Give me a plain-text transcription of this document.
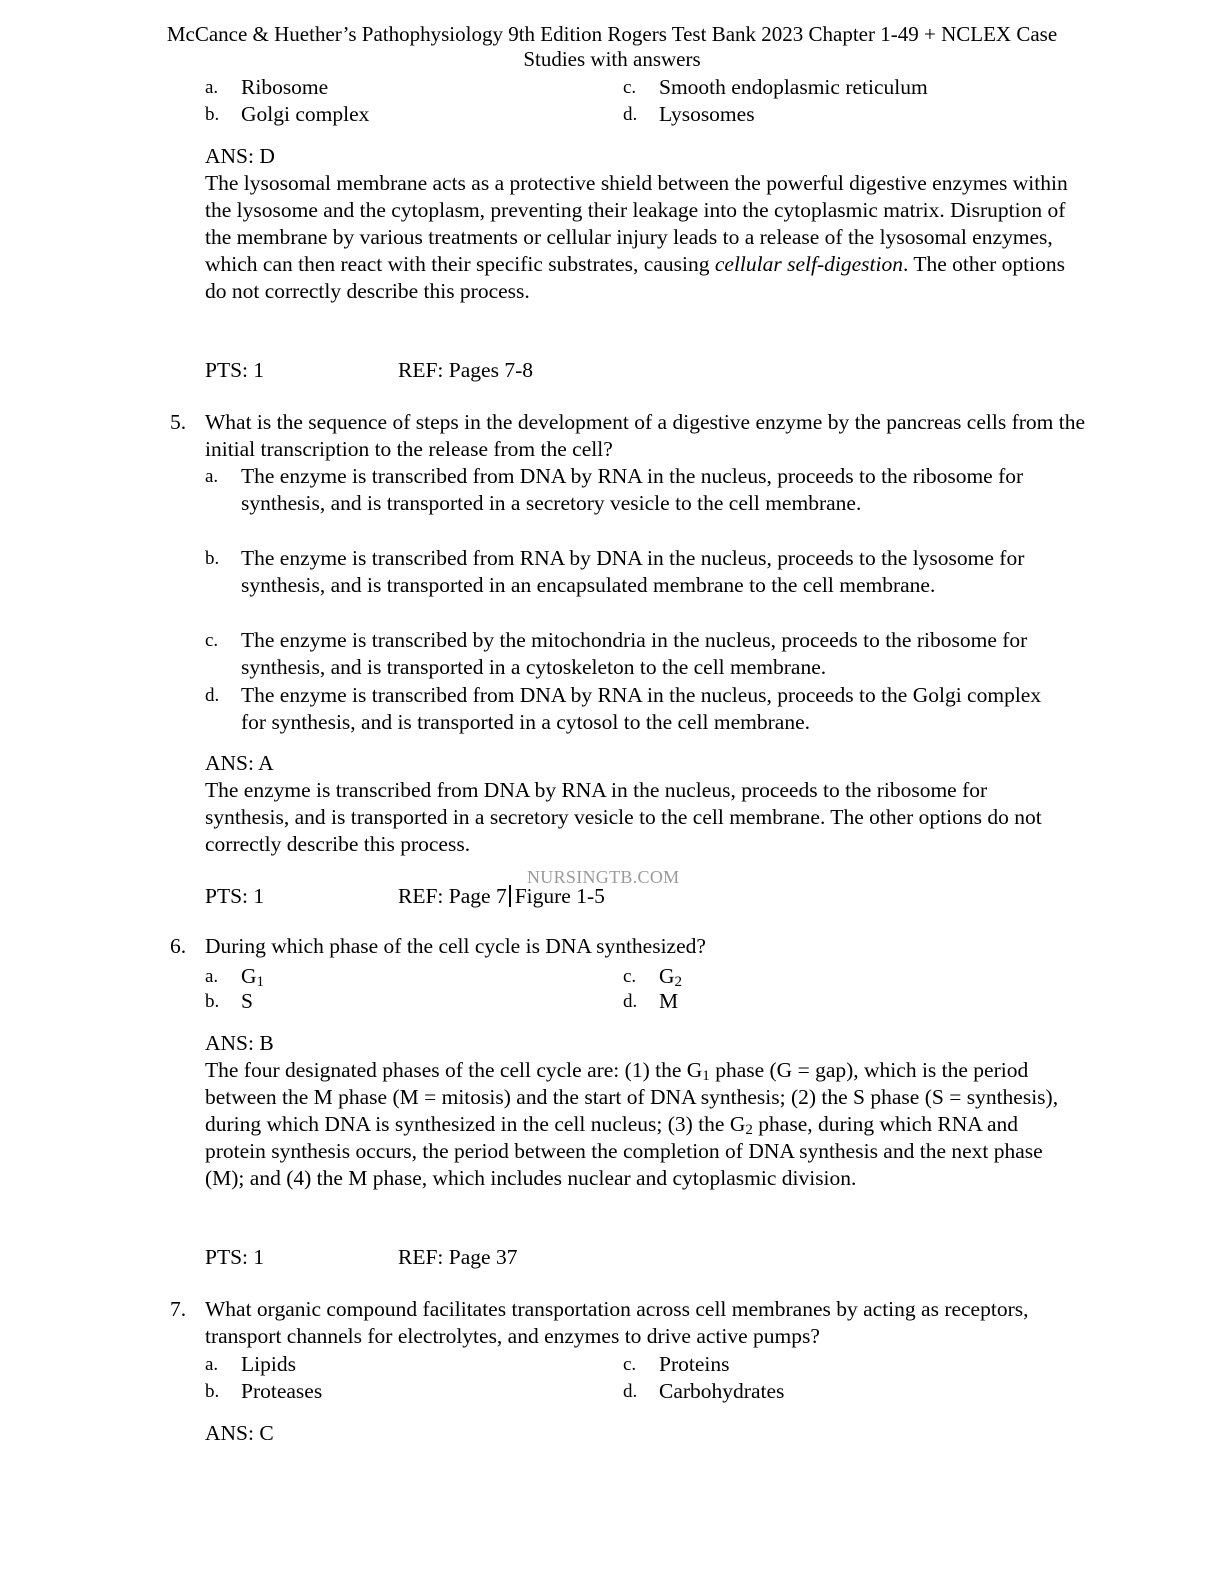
McCance & Huether’s Pathophysiology 9th Edition Rogers Test Bank 2023 Chapter 1-49 + NCLEX Case
Studies with answers
a.	Ribosome
b.	Golgi complex
c.	Smooth endoplasmic reticulum
d.	Lysosomes
ANS: D

The lysosomal membrane acts as a protective shield between the powerful digestive enzymes within the lysosome and the cytoplasm, preventing their leakage into the cytoplasmic matrix. Disruption of the membrane by various treatments or cellular injury leads to a release of the lysosomal enzymes, which can then react with their specific substrates, causing cellular self-digestion. The other options do not correctly describe this process.

PTS: 1	REF: Pages 7-8
5. What is the sequence of steps in the development of a digestive enzyme by the pancreas cells from the initial transcription to the release from the cell?

a. The enzyme is transcribed from DNA by RNA in the nucleus, proceeds to the ribosome for synthesis, and is transported in a secretory vesicle to the cell membrane.
b. The enzyme is transcribed from RNA by DNA in the nucleus, proceeds to the lysosome for synthesis, and is transported in an encapsulated membrane to the cell membrane.
c. The enzyme is transcribed by the mitochondria in the nucleus, proceeds to the ribosome for synthesis, and is transported in a cytoskeleton to the cell membrane.
d. The enzyme is transcribed from DNA by RNA in the nucleus, proceeds to the Golgi complex for synthesis, and is transported in a cytosol to the cell membrane.
ANS: A

The enzyme is transcribed from DNA by RNA in the nucleus, proceeds to the ribosome for synthesis, and is transported in a secretory vesicle to the cell membrane. The other options do not correctly describe this process.

NURSINGTB.COM
PTS: 1	REF: Page 7 Figure 1-5
6. During which phase of the cell cycle is DNA synthesized?

a.	$G_1$
b.	S
c.	$G_2$
d.	M
ANS: B

The four designated phases of the cell cycle are: (1) the $G_1$ phase (G = gap), which is the period between the M phase (M = mitosis) and the start of DNA synthesis; (2) the S phase (S = synthesis), during which DNA is synthesized in the cell nucleus; (3) the $G_2$ phase, during which RNA and protein synthesis occurs, the period between the completion of DNA synthesis and the next phase (M); and (4) the M phase, which includes nuclear and cytoplasmic division.

PTS: 1	REF: Page 37
7. What organic compound facilitates transportation across cell membranes by acting as receptors, transport channels for electrolytes, and enzymes to drive active pumps?

a.	Lipids
b.	Proteases
c.	Proteins
d.	Carbohydrates
ANS: C
